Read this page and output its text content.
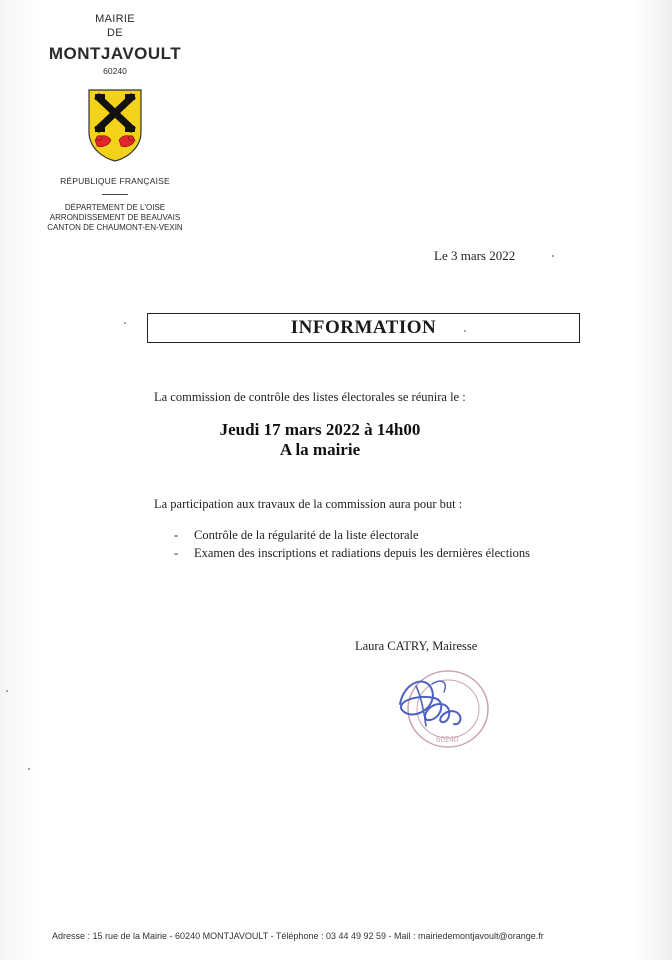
MAIRIE
DE
MONTJAVOULT
60240
RÉPUBLIQUE FRANÇAISE
DÉPARTEMENT DE L'OISE
ARRONDISSEMENT DE BEAUVAIS
CANTON DE CHAUMONT-EN-VEXIN
Le 3 mars 2022
INFORMATION
La commission de contrôle des listes électorales se réunira le :
Jeudi 17 mars 2022 à 14h00
A la mairie
La participation aux travaux de la commission aura pour but :
- Contrôle de la régularité de la liste électorale
- Examen des inscriptions et radiations depuis les dernières élections
Laura CATRY, Mairesse
60240
Adresse : 15 rue de la Mairie - 60240 MONTJAVOULT - Téléphone : 03 44 49 92 59 - Mail : mairiedemontjavoult@orange.fr
